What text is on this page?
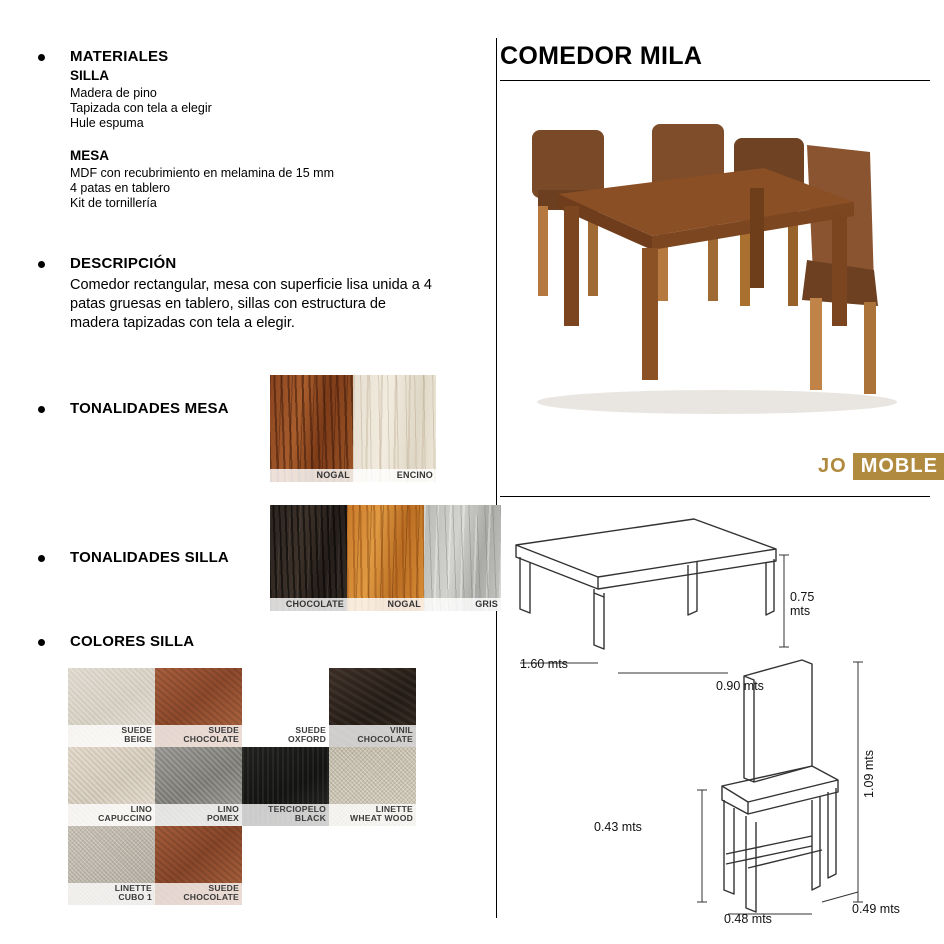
MATERIALES
SILLA
Madera de pino
Tapizada con tela a elegir
Hule espuma
MESA
MDF con recubrimiento en melamina de 15 mm
4 patas en tablero
Kit de tornillería
DESCRIPCIÓN
Comedor rectangular, mesa con superficie lisa unida a 4 patas gruesas en tablero, sillas con estructura de madera tapizadas con tela a elegir.
TONALIDADES MESA
NOGAL	ENCINO
TONALIDADES SILLA
CHOCOLATE	NOGAL	GRIS
COLORES SILLA
SUEDE
BEIGE
SUEDE
CHOCOLATE
SUEDE
OXFORD
VINIL
CHOCOLATE
LINO
CAPUCCINO
LINO
POMEX
TERCIOPELO
BLACK
LINETTE
WHEAT WOOD
LINETTE
CUBO 1
SUEDE
CHOCOLATE
COMEDOR MILA
JO MOBLE
0.75 mts
1.60 mts
0.90 mts
1.09 mts
0.43 mts
0.48 mts
0.49 mts
